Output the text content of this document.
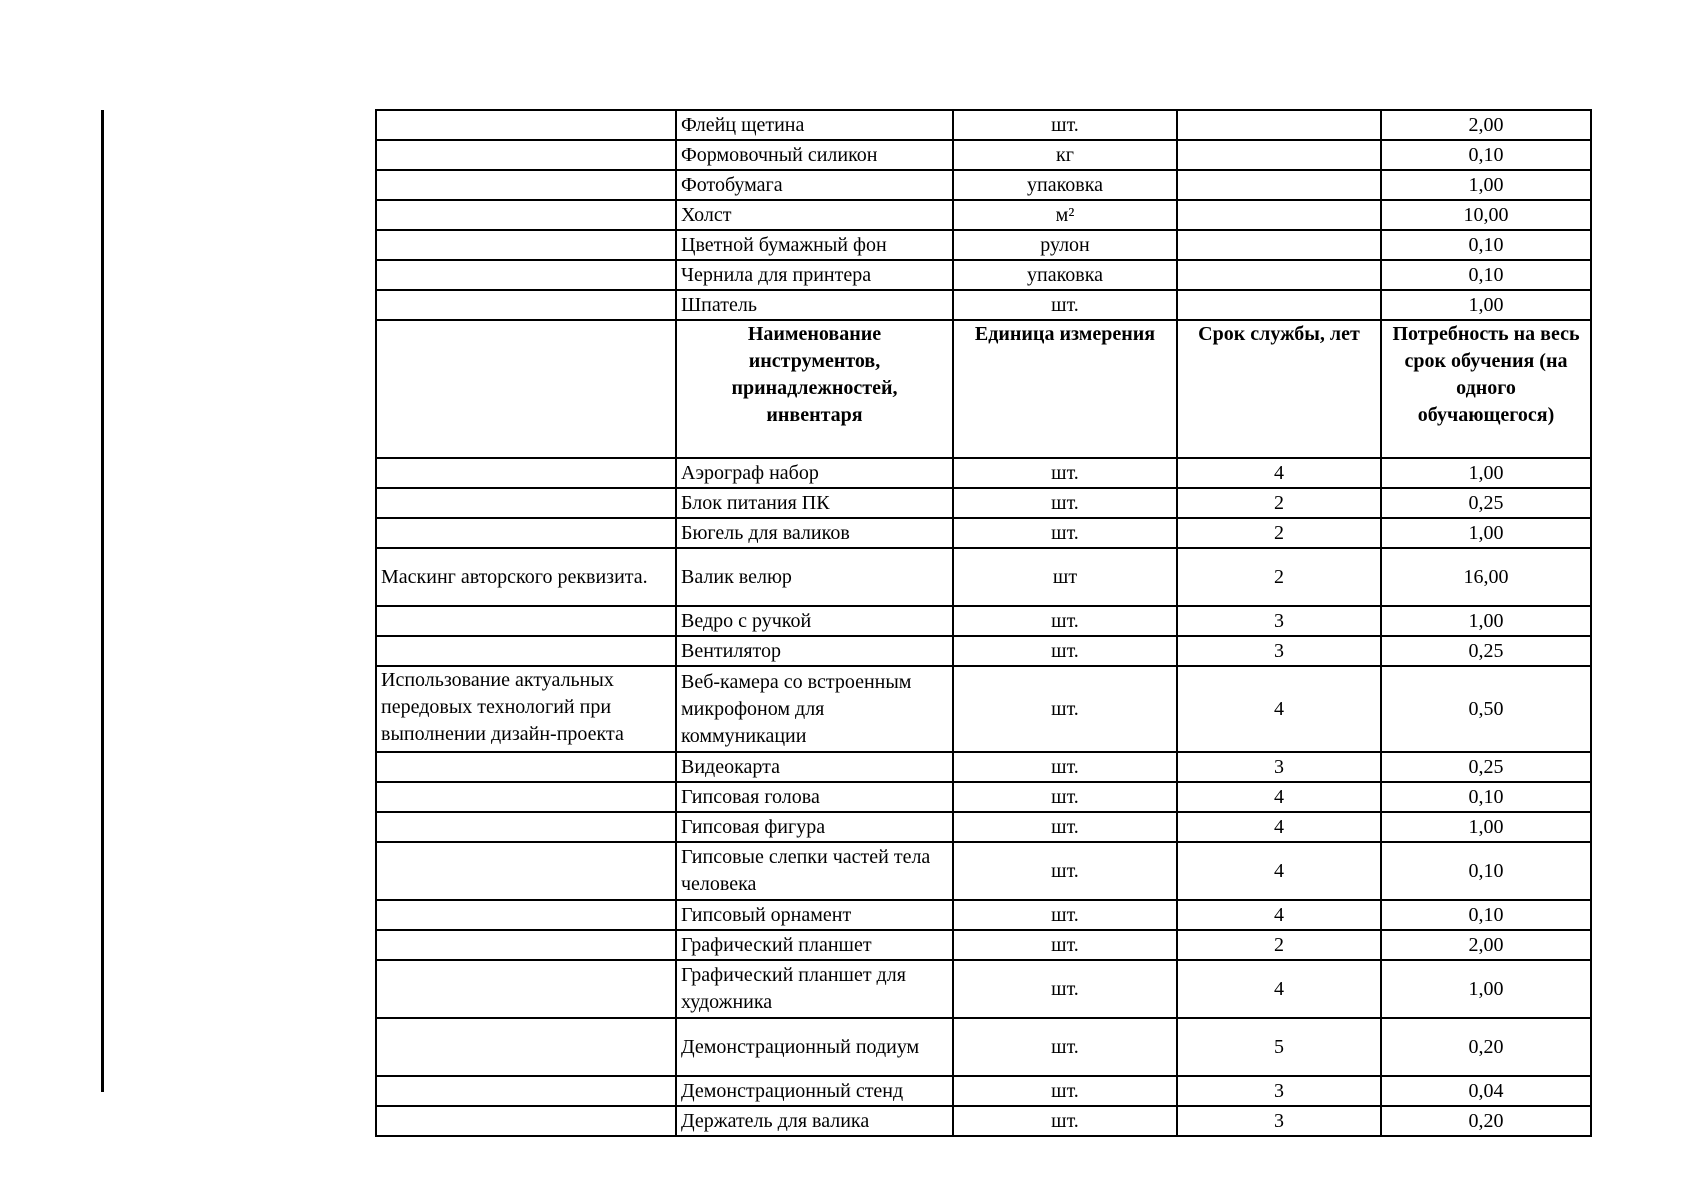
	Флейц щетина	шт.		2,00
	Формовочный силикон	кг		0,10
	Фотобумага	упаковка		1,00
	Холст	м²		10,00
	Цветной бумажный фон	рулон		0,10
	Чернила для принтера	упаковка		0,10
	Шпатель	шт.		1,00
	Наименование инструментов, принадлежностей, инвентаря	Единица измерения	Срок службы, лет	Потребность на весь срок обучения (на одного обучающегося)
	Аэрограф набор	шт.	4	1,00
	Блок питания ПК	шт.	2	0,25
	Бюгель для валиков	шт.	2	1,00
Маскинг авторского реквизита.	Валик велюр	шт	2	16,00
	Ведро с ручкой	шт.	3	1,00
	Вентилятор	шт.	3	0,25
Использование актуальных передовых технологий при выполнении дизайн-проекта	Веб-камера со встроенным микрофоном для коммуникации	шт.	4	0,50
	Видеокарта	шт.	3	0,25
	Гипсовая голова	шт.	4	0,10
	Гипсовая фигура	шт.	4	1,00
	Гипсовые слепки частей тела человека	шт.	4	0,10
	Гипсовый орнамент	шт.	4	0,10
	Графический планшет	шт.	2	2,00
	Графический планшет для художника	шт.	4	1,00
	Демонстрационный подиум	шт.	5	0,20
	Демонстрационный стенд	шт.	3	0,04
	Держатель для валика	шт.	3	0,20
